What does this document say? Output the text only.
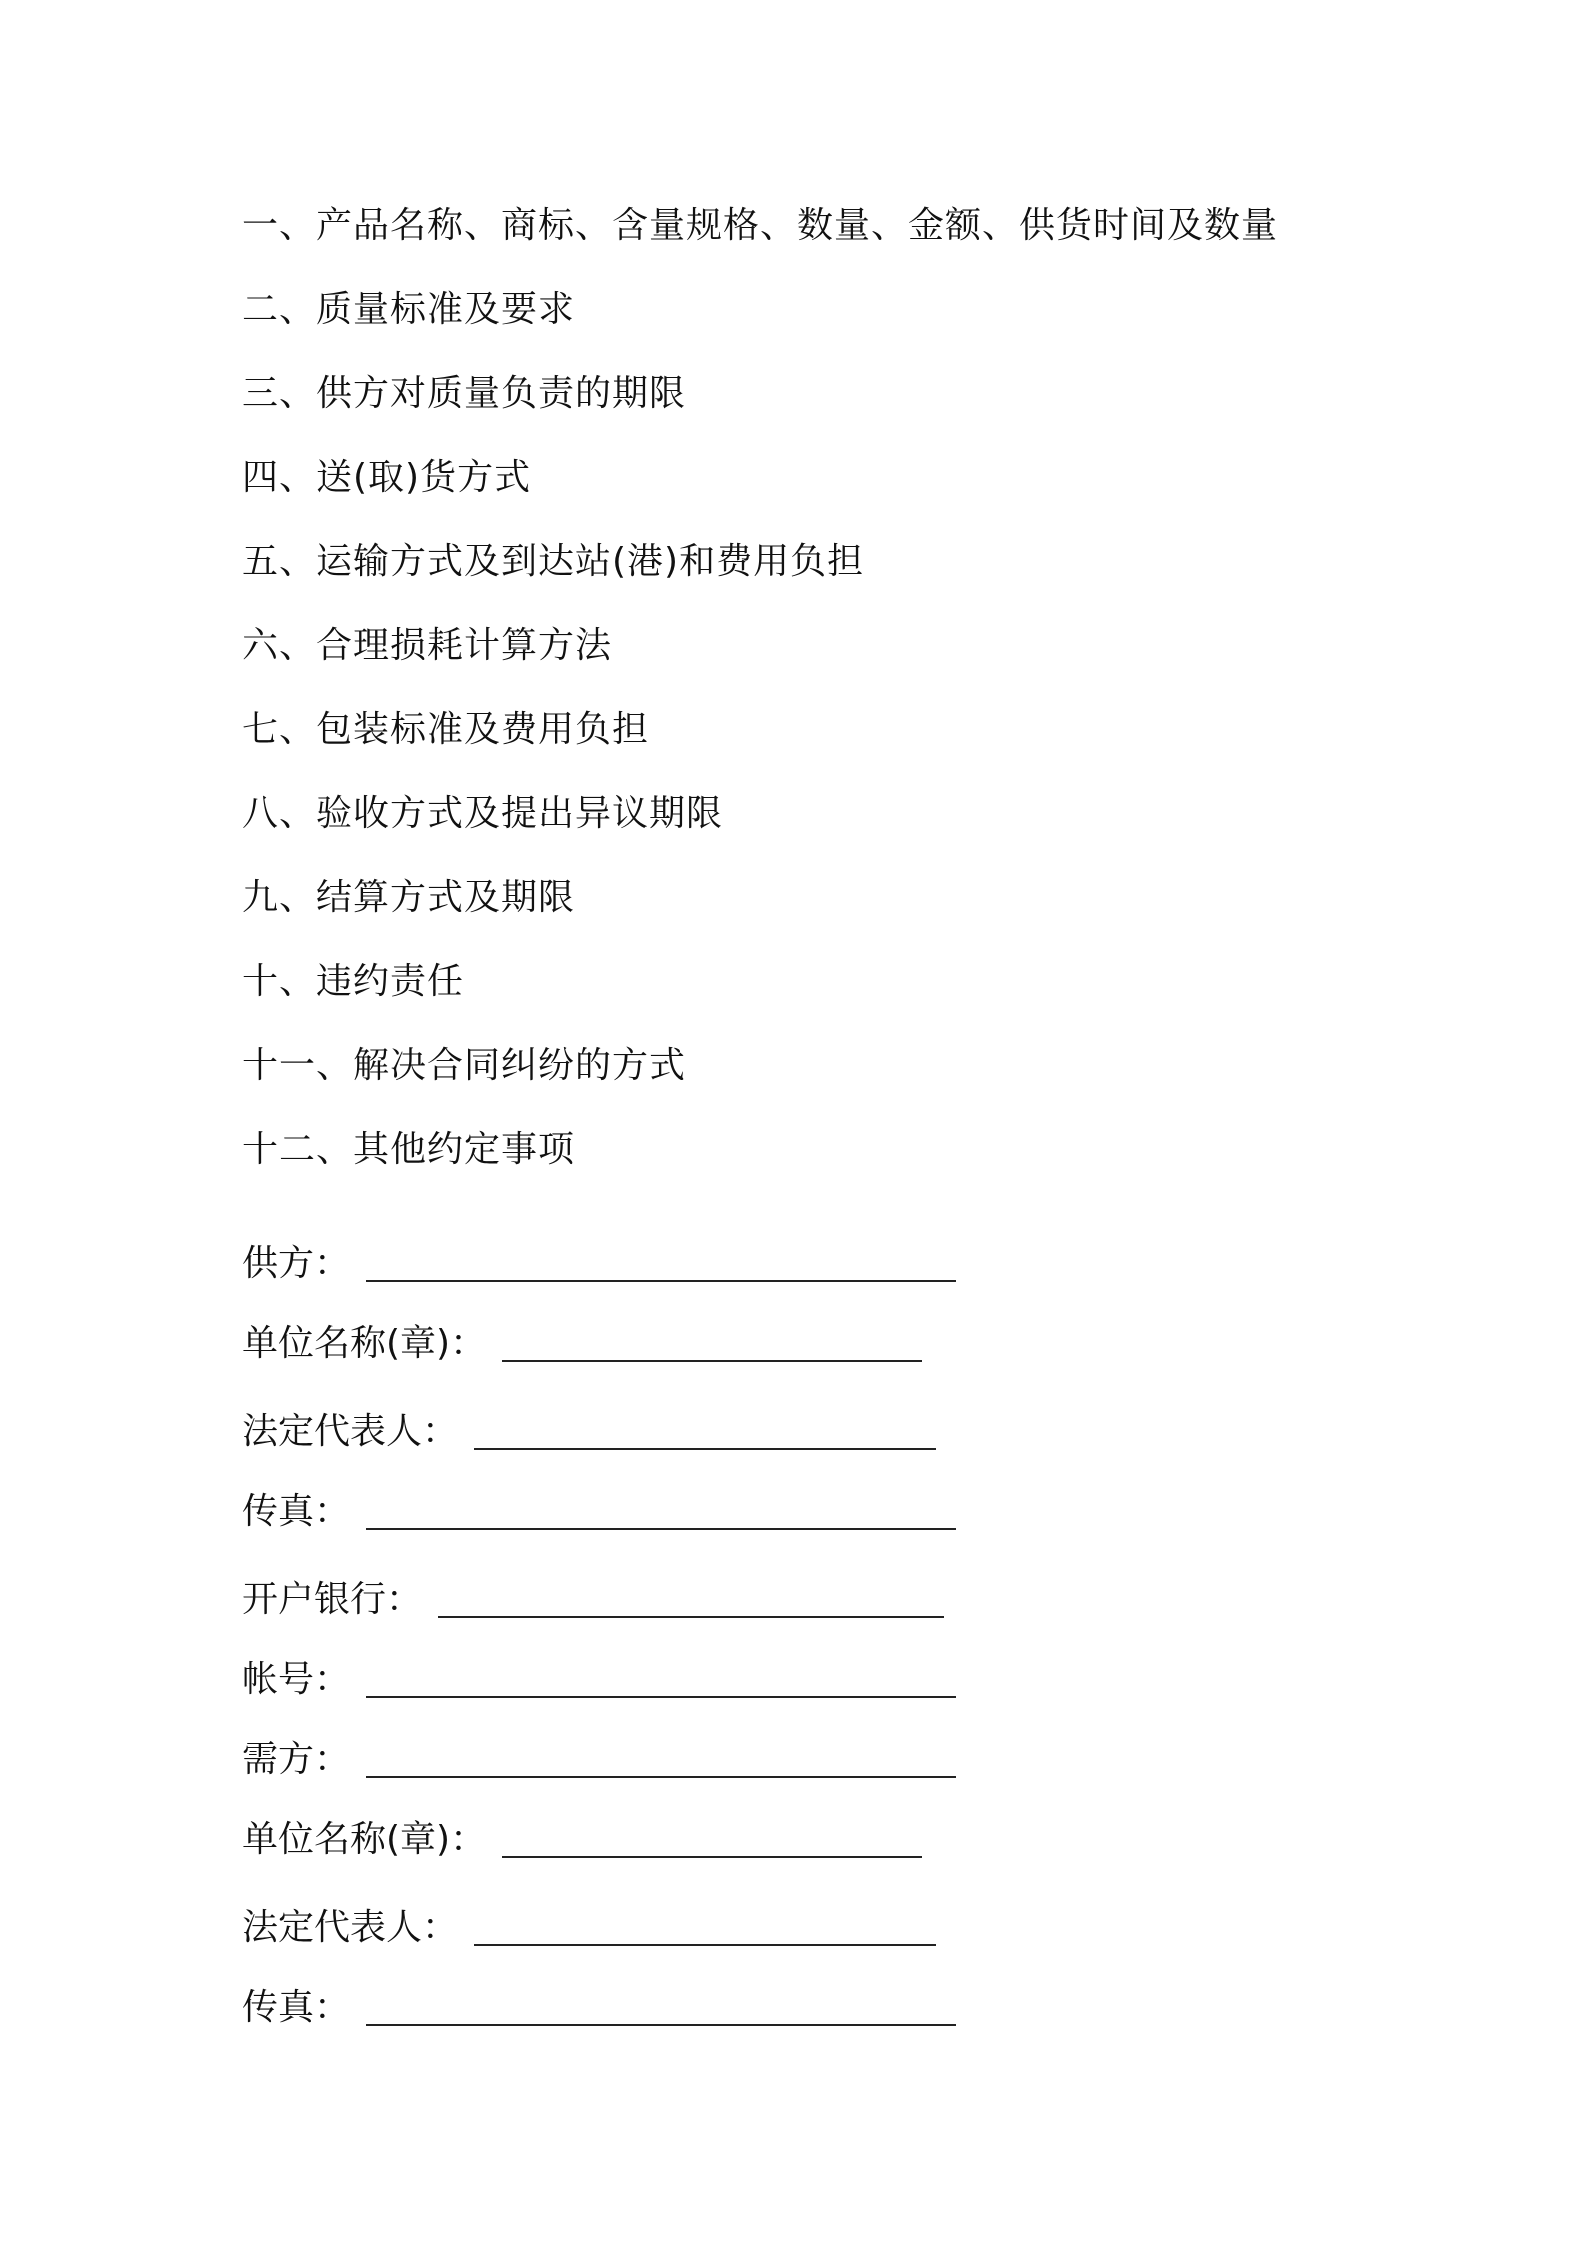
一、产品名称、商标、含量规格、数量、金额、供货时间及数量
二、质量标准及要求
三、供方对质量负责的期限
四、送(取)货方式
五、运输方式及到达站(港)和费用负担
六、合理损耗计算方法
七、包装标准及费用负担
八、验收方式及提出异议期限
九、结算方式及期限
十、违约责任
十一、解决合同纠纷的方式
十二、其他约定事项
供方：
单位名称(章)：
法定代表人：
传真：
开户银行：
帐号：
需方：
单位名称(章)：
法定代表人：
传真：
